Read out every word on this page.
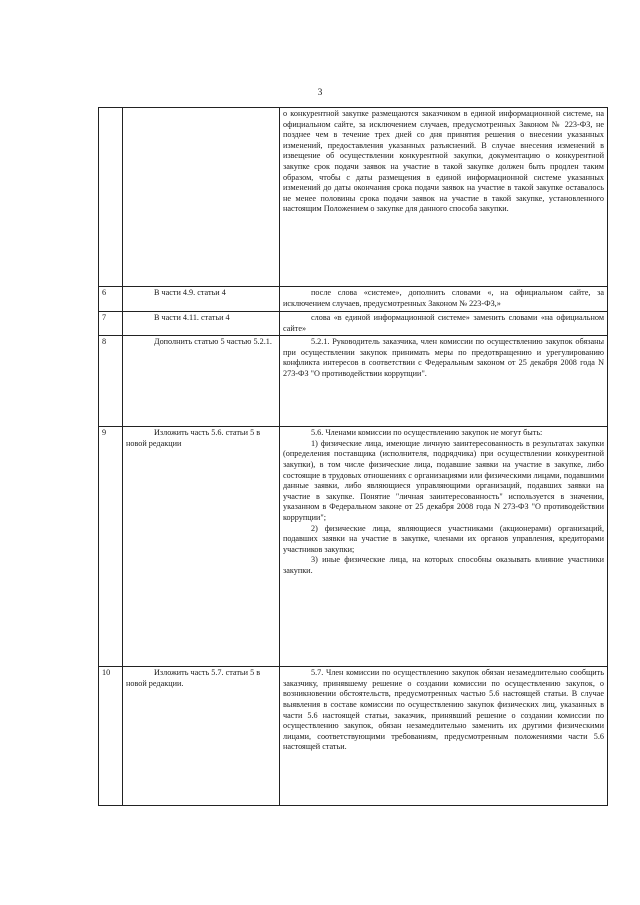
3

		о конкурентной закупке размещаются заказчиком в единой информационной системе, на официальном сайте, за исключением случаев, предусмотренных Законом № 223-ФЗ, не позднее чем в течение трех дней со дня принятия решения о внесении указанных изменений, предоставления указанных разъяснений. В случае внесения изменений в извещение об осуществлении конкурентной закупки, документацию о конкурентной закупке срок подачи заявок на участие в такой закупке должен быть продлен таким образом, чтобы с даты размещения в единой информационной системе указанных изменений до даты окончания срока подачи заявок на участие в такой закупке оставалось не менее половины срока подачи заявок на участие в такой закупке, установленного настоящим Положением о закупке для данного способа закупки.

6	В части 4.9. статьи 4	после слова «системе», дополнить словами «, на официальном сайте, за исключением случаев, предусмотренных Законом № 223-ФЗ,»

7	В части 4.11. статьи 4	слова «в единой информационной системе» заменить словами «на официальном сайте»

8	Дополнить статью 5 частью 5.2.1.	5.2.1. Руководитель заказчика, член комиссии по осуществлению закупок обязаны при осуществлении закупок принимать меры по предотвращению и урегулированию конфликта интересов в соответствии с Федеральным законом от 25 декабря 2008 года N 273-ФЗ "О противодействии коррупции".

9	Изложить часть 5.6. статьи 5 в новой редакции	5.6. Членами комиссии по осуществлению закупок не могут быть:

1) физические лица, имеющие личную заинтересованность в результатах закупки (определения поставщика (исполнителя, подрядчика) при осуществлении конкурентной закупки), в том числе физические лица, подавшие заявки на участие в закупке, либо состоящие в трудовых отношениях с организациями или физическими лицами, подавшими данные заявки, либо являющиеся управляющими организаций, подавших заявки на участие в закупке. Понятие "личная заинтересованность" используется в значении, указанном в Федеральном законе от 25 декабря 2008 года N 273-ФЗ "О противодействии коррупции";

2) физические лица, являющиеся участниками (акционерами) организаций, подавших заявки на участие в закупке, членами их органов управления, кредиторами участников закупки;

3) иные физические лица, на которых способны оказывать влияние участники закупки.

10	Изложить часть 5.7. статьи 5 в новой редакции.	5.7. Член комиссии по осуществлению закупок обязан незамедлительно сообщить заказчику, принявшему решение о создании комиссии по осуществлению закупок, о возникновении обстоятельств, предусмотренных частью 5.6 настоящей статьи. В случае выявления в составе комиссии по осуществлению закупок физических лиц, указанных в части 5.6 настоящей статьи, заказчик, принявший решение о создании комиссии по осуществлению закупок, обязан незамедлительно заменить их другими физическими лицами, соответствующими требованиям, предусмотренным положениями части 5.6 настоящей статьи.
